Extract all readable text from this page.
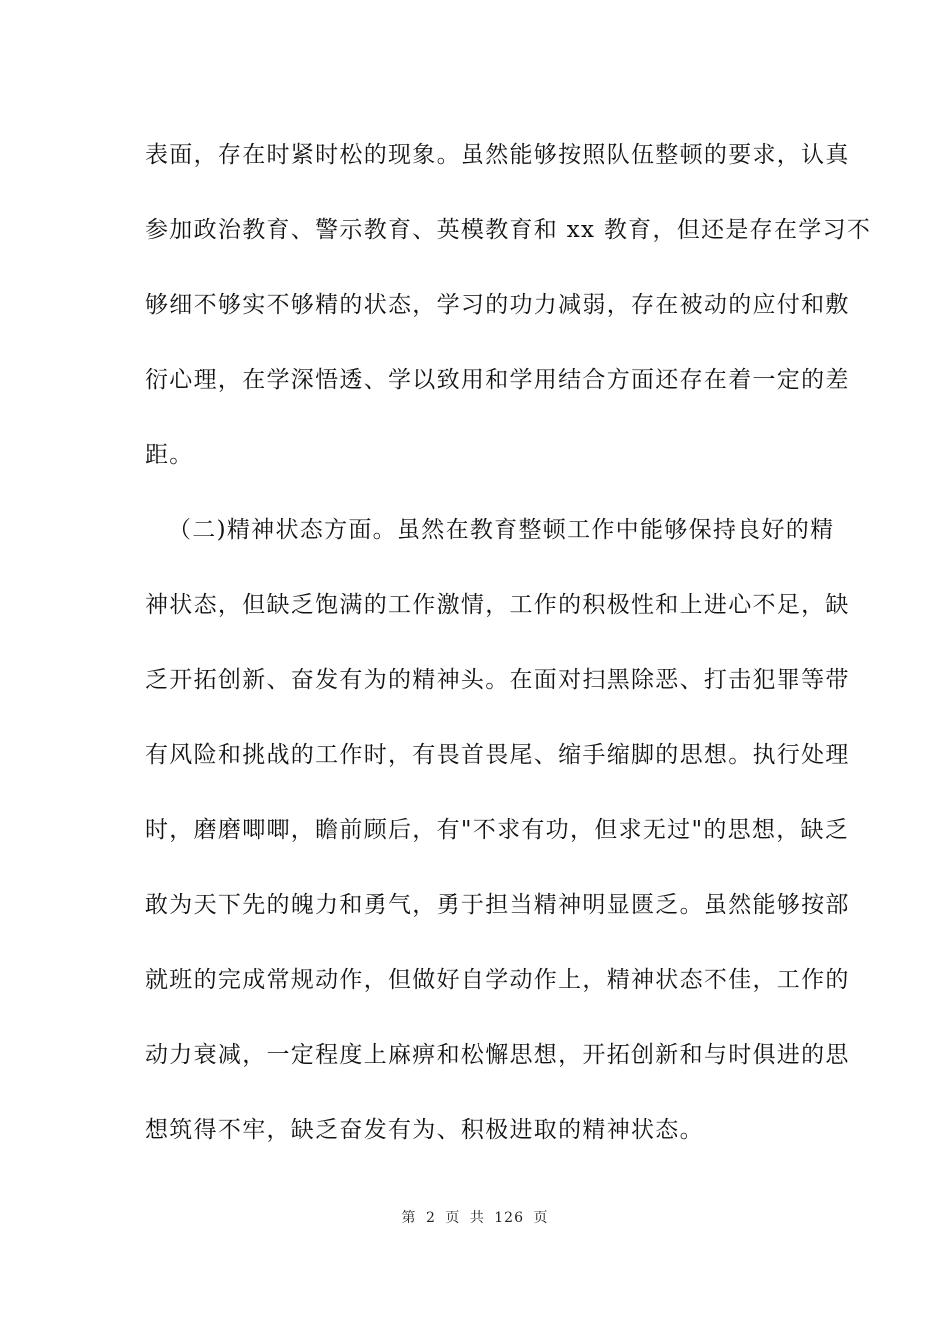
表面，存在时紧时松的现象。虽然能够按照队伍整顿的要求，认真
参加政治教育、警示教育、英模教育和 xx 教育，但还是存在学习不
够细不够实不够精的状态，学习的功力减弱，存在被动的应付和敷
衍心理，在学深悟透、学以致用和学用结合方面还存在着一定的差
距。
（二)精神状态方面。虽然在教育整顿工作中能够保持良好的精
神状态，但缺乏饱满的工作激情，工作的积极性和上进心不足，缺
乏开拓创新、奋发有为的精神头。在面对扫黑除恶、打击犯罪等带
有风险和挑战的工作时，有畏首畏尾、缩手缩脚的思想。执行处理
时，磨磨唧唧，瞻前顾后，有"不求有功，但求无过"的思想，缺乏
敢为天下先的魄力和勇气，勇于担当精神明显匮乏。虽然能够按部
就班的完成常规动作，但做好自学动作上，精神状态不佳，工作的
动力衰减，一定程度上麻痹和松懈思想，开拓创新和与时俱进的思
想筑得不牢，缺乏奋发有为、积极进取的精神状态。
第 2 页 共 126 页
